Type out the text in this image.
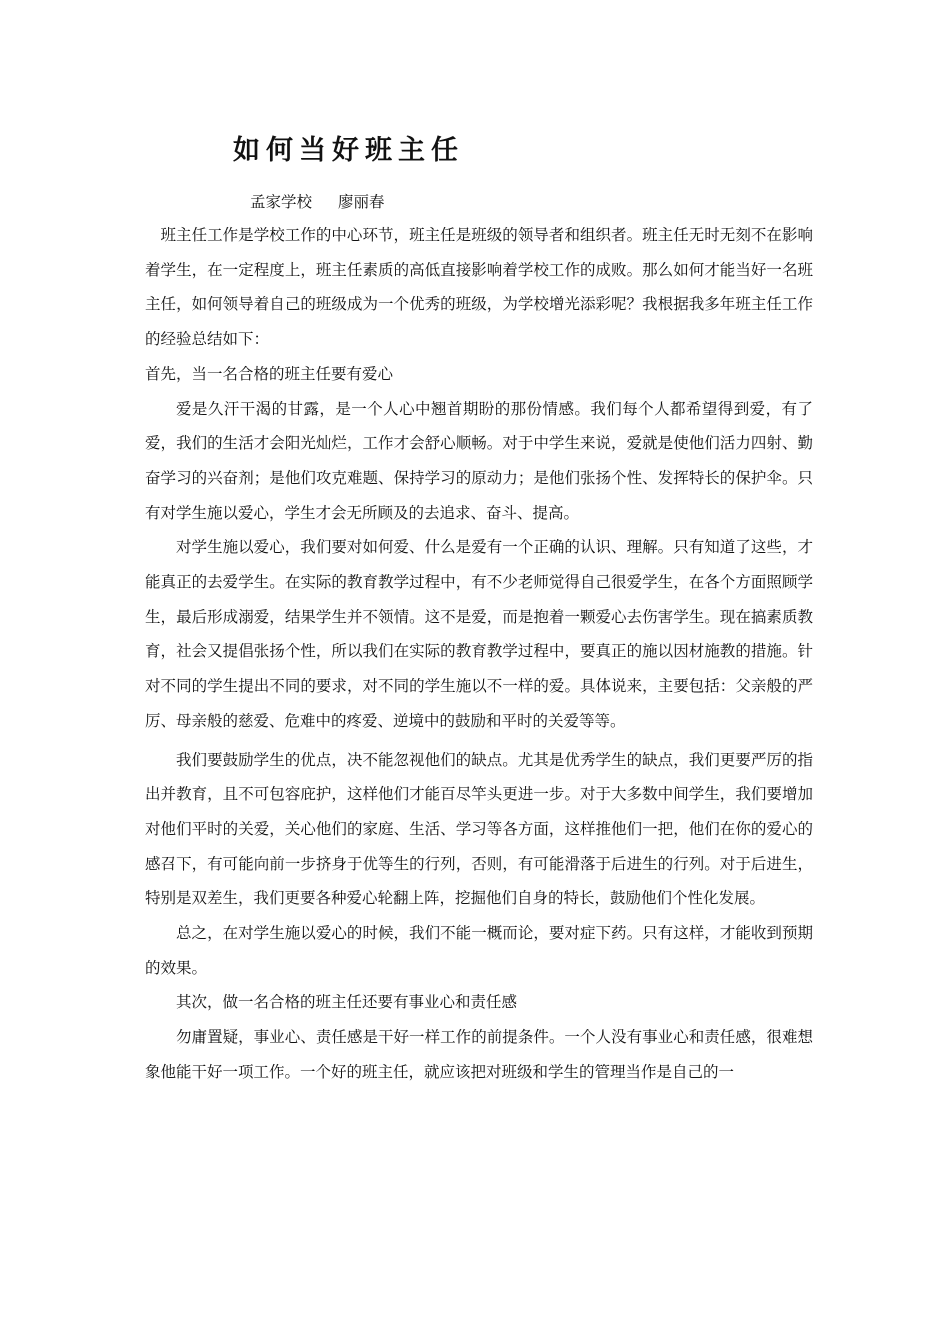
如何当好班主任
孟家学校 廖丽春

班主任工作是学校工作的中心环节，班主任是班级的领导者和组织者。班主任无时无刻不在影响着学生，在一定程度上，班主任素质的高低直接影响着学校工作的成败。那么如何才能当好一名班主任，如何领导着自己的班级成为一个优秀的班级，为学校增光添彩呢？我根据我多年班主任工作的经验总结如下：

首先，当一名合格的班主任要有爱心

爱是久汗干渴的甘露，是一个人心中翘首期盼的那份情感。我们每个人都希望得到爱，有了爱，我们的生活才会阳光灿烂，工作才会舒心顺畅。对于中学生来说，爱就是使他们活力四射、勤奋学习的兴奋剂；是他们攻克难题、保持学习的原动力；是他们张扬个性、发挥特长的保护伞。只有对学生施以爱心，学生才会无所顾及的去追求、奋斗、提高。

对学生施以爱心，我们要对如何爱、什么是爱有一个正确的认识、理解。只有知道了这些，才能真正的去爱学生。在实际的教育教学过程中，有不少老师觉得自己很爱学生，在各个方面照顾学生，最后形成溺爱，结果学生并不领情。这不是爱，而是抱着一颗爱心去伤害学生。现在搞素质教育，社会又提倡张扬个性，所以我们在实际的教育教学过程中，要真正的施以因材施教的措施。针对不同的学生提出不同的要求，对不同的学生施以不一样的爱。具体说来，主要包括：父亲般的严厉、母亲般的慈爱、危难中的疼爱、逆境中的鼓励和平时的关爱等等。

我们要鼓励学生的优点，决不能忽视他们的缺点。尤其是优秀学生的缺点，我们更要严厉的指出并教育，且不可包容庇护，这样他们才能百尽竿头更进一步。对于大多数中间学生，我们要增加对他们平时的关爱，关心他们的家庭、生活、学习等各方面，这样推他们一把，他们在你的爱心的感召下，有可能向前一步挤身于优等生的行列，否则，有可能滑落于后进生的行列。对于后进生，特别是双差生，我们更要各种爱心轮翻上阵，挖掘他们自身的特长，鼓励他们个性化发展。

总之，在对学生施以爱心的时候，我们不能一概而论，要对症下药。只有这样，才能收到预期的效果。

其次，做一名合格的班主任还要有事业心和责任感

勿庸置疑，事业心、责任感是干好一样工作的前提条件。一个人没有事业心和责任感，很难想象他能干好一项工作。一个好的班主任，就应该把对班级和学生的管理当作是自己的一
